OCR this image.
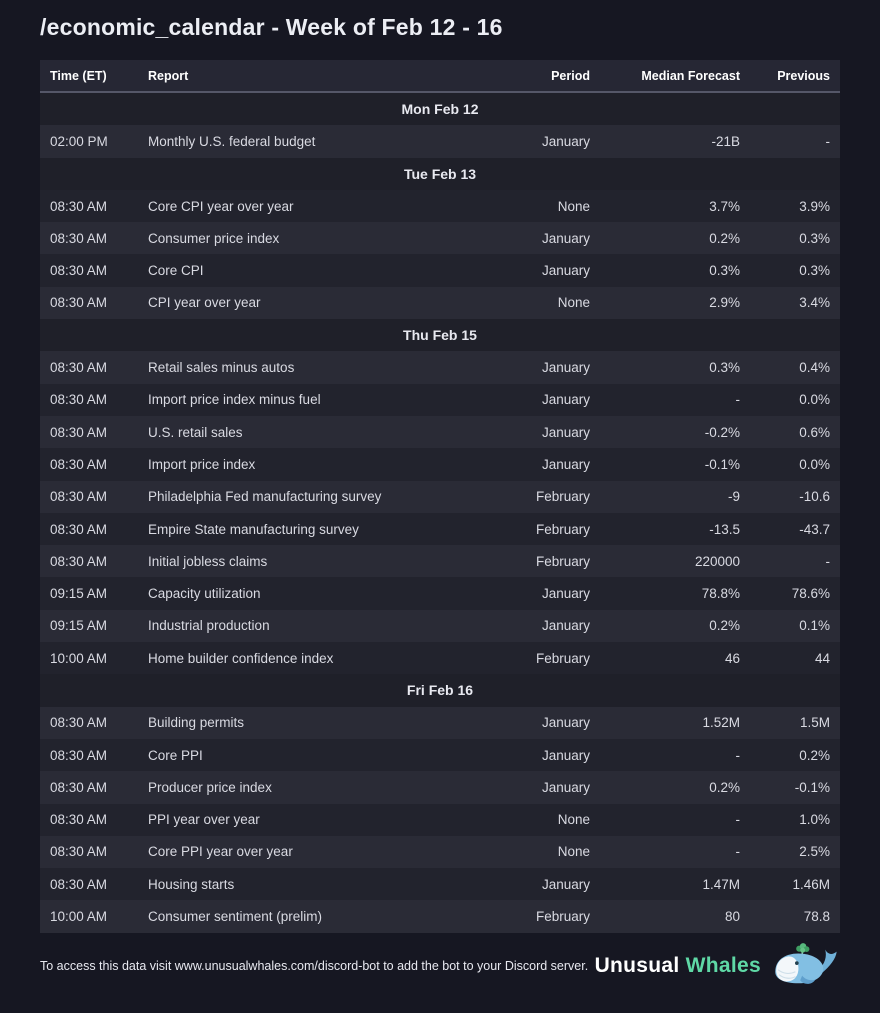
/economic_calendar - Week of Feb 12 - 16
Time (ET)	Report	Period	Median Forecast	Previous
Mon Feb 12
02:00 PM	Monthly U.S. federal budget	January	-21B	-
Tue Feb 13
08:30 AM	Core CPI year over year	None	3.7%	3.9%
08:30 AM	Consumer price index	January	0.2%	0.3%
08:30 AM	Core CPI	January	0.3%	0.3%
08:30 AM	CPI year over year	None	2.9%	3.4%
Thu Feb 15
08:30 AM	Retail sales minus autos	January	0.3%	0.4%
08:30 AM	Import price index minus fuel	January	-	0.0%
08:30 AM	U.S. retail sales	January	-0.2%	0.6%
08:30 AM	Import price index	January	-0.1%	0.0%
08:30 AM	Philadelphia Fed manufacturing survey	February	-9	-10.6
08:30 AM	Empire State manufacturing survey	February	-13.5	-43.7
08:30 AM	Initial jobless claims	February	220000	-
09:15 AM	Capacity utilization	January	78.8%	78.6%
09:15 AM	Industrial production	January	0.2%	0.1%
10:00 AM	Home builder confidence index	February	46	44
Fri Feb 16
08:30 AM	Building permits	January	1.52M	1.5M
08:30 AM	Core PPI	January	-	0.2%
08:30 AM	Producer price index	January	0.2%	-0.1%
08:30 AM	PPI year over year	None	-	1.0%
08:30 AM	Core PPI year over year	None	-	2.5%
08:30 AM	Housing starts	January	1.47M	1.46M
10:00 AM	Consumer sentiment (prelim)	February	80	78.8
To access this data visit www.unusualwhales.com/discord-bot to add the bot to your Discord server. Unusual Whales
